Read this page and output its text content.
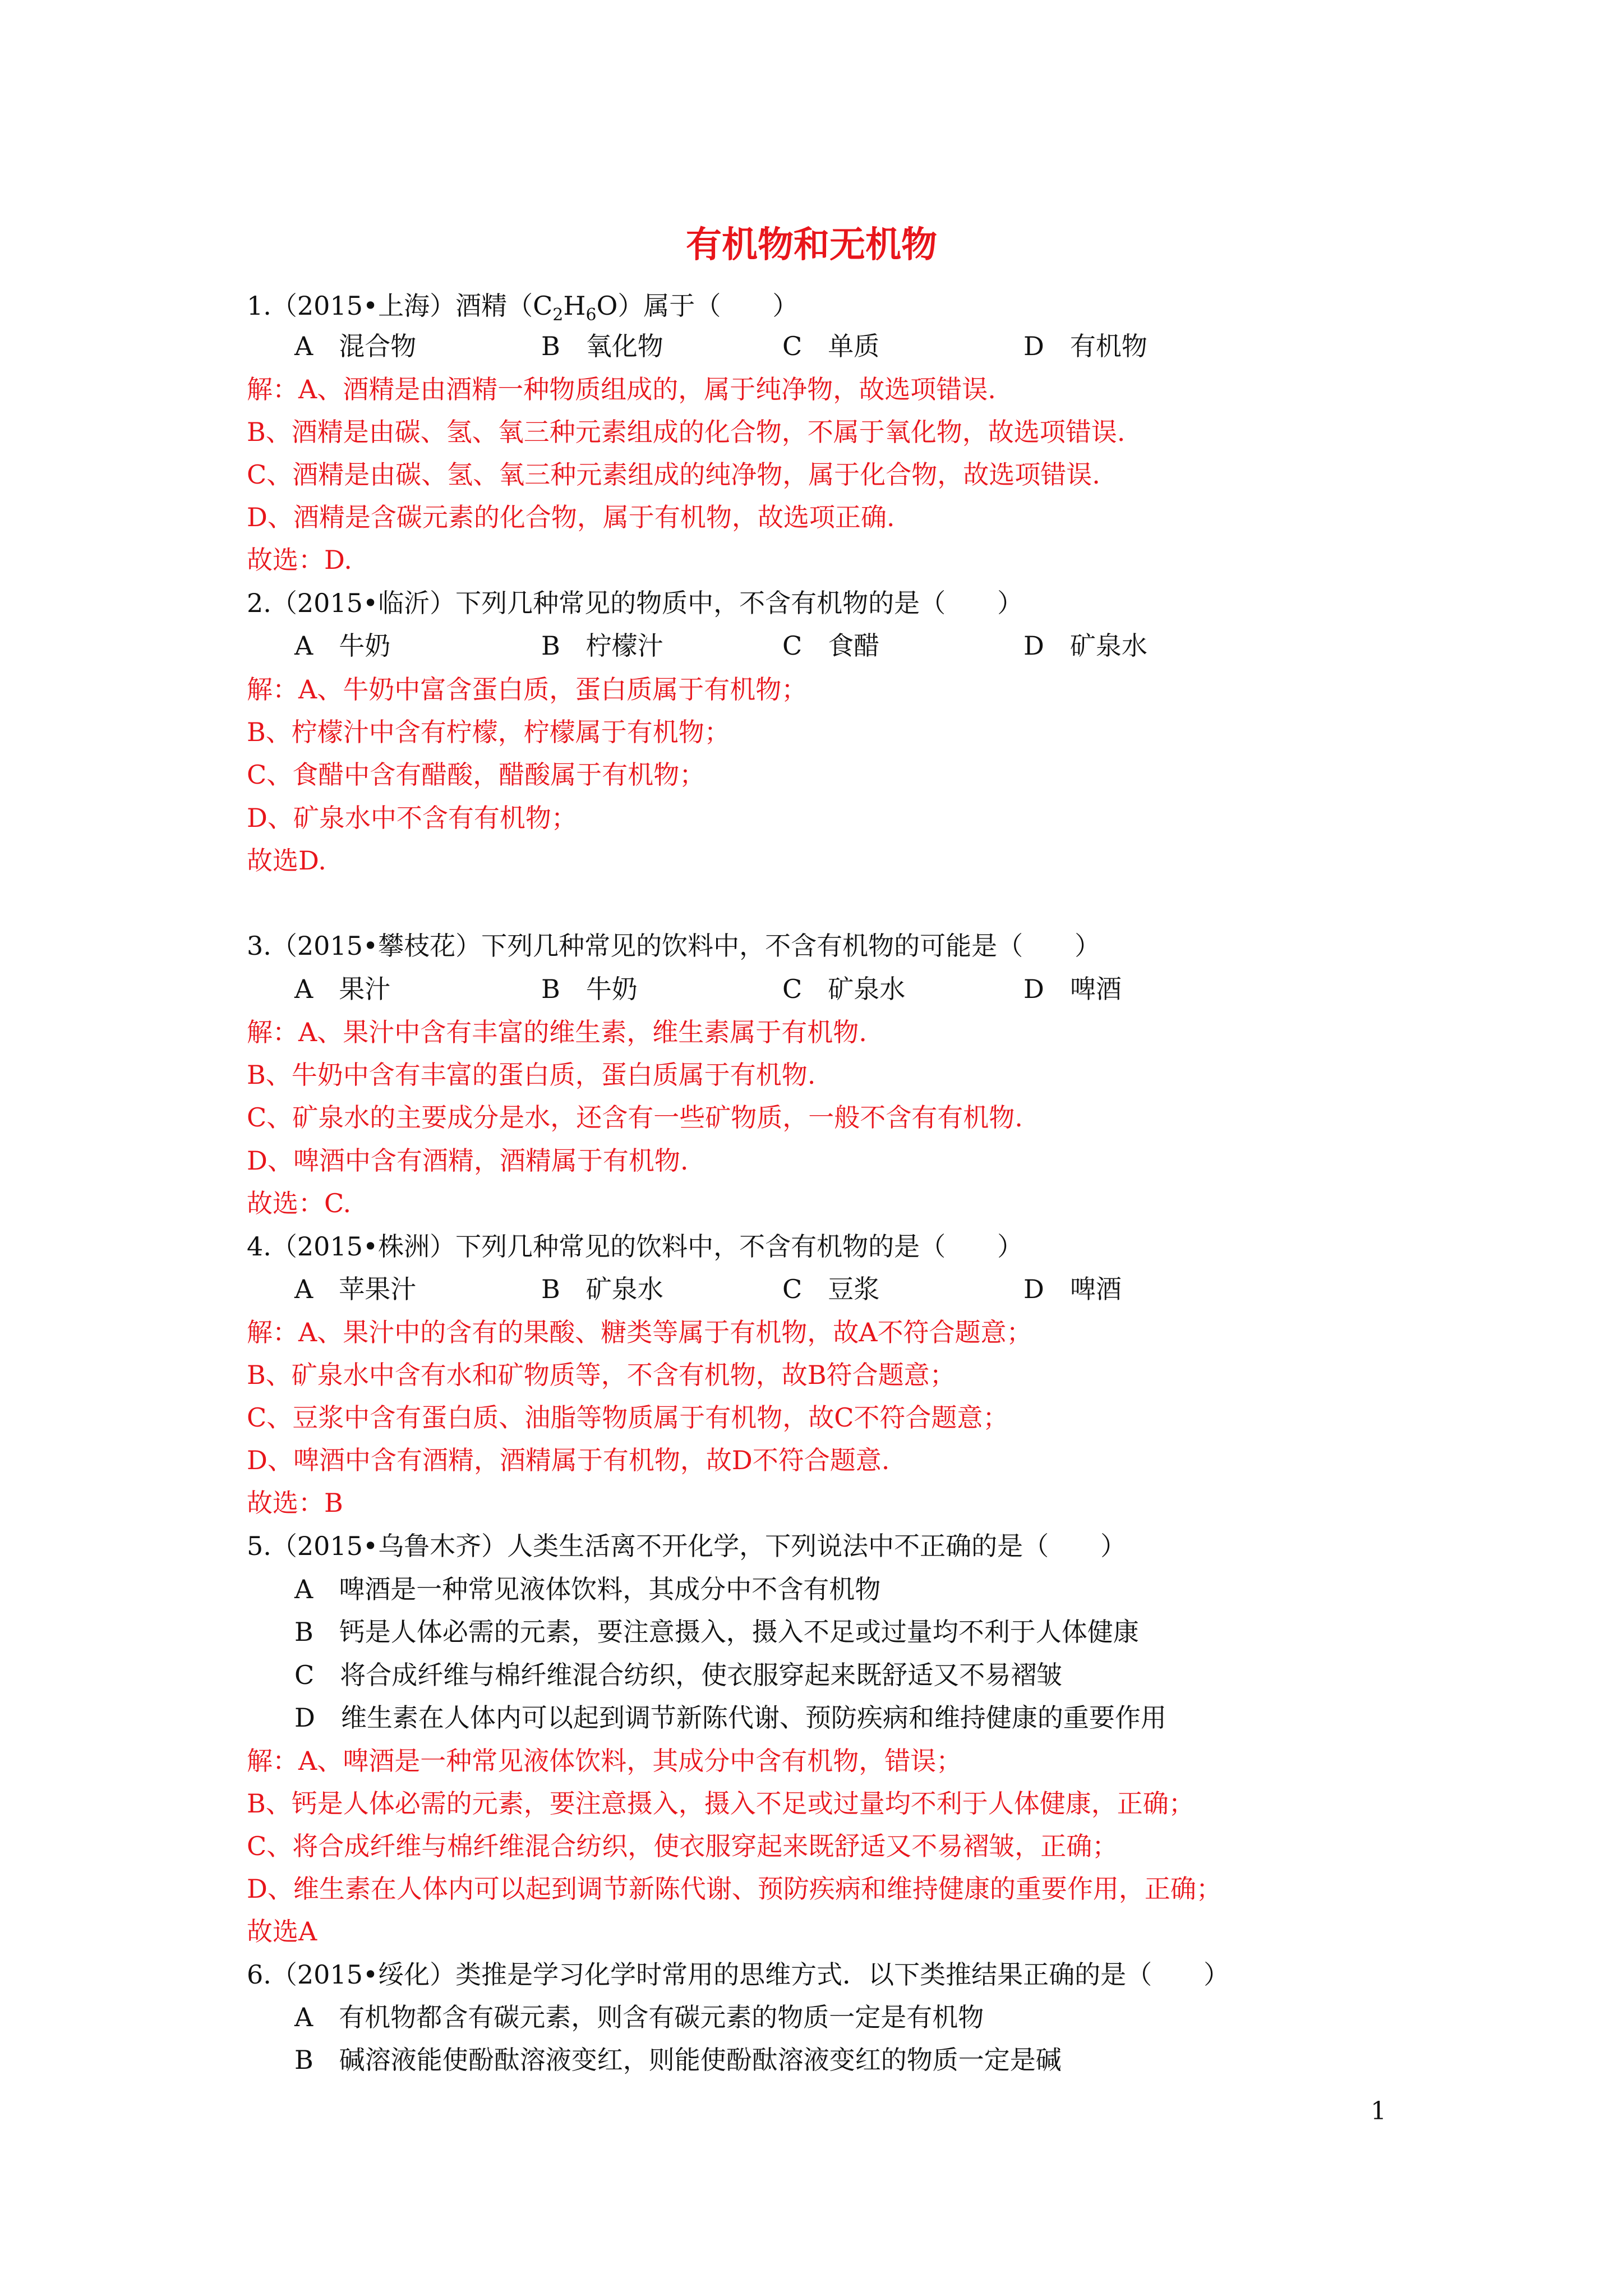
有机物和无机物
1.（2015•上海）酒精$(C_2H_6O)$属于（　　）
A　混合物	B　氧化物	C　单质	D　有机物
解：A、酒精是由酒精一种物质组成的，属于纯净物，故选项错误.
B、酒精是由碳、氢、氧三种元素组成的化合物，不属于氧化物，故选项错误.
C、酒精是由碳、氢、氧三种元素组成的纯净物，属于化合物，故选项错误.
D、酒精是含碳元素的化合物，属于有机物，故选项正确.
故选：D.
2.（2015•临沂）下列几种常见的物质中，不含有机物的是（　　）
A　牛奶	B　柠檬汁	C　食醋	D　矿泉水
解：A、牛奶中富含蛋白质，蛋白质属于有机物；
B、柠檬汁中含有柠檬，柠檬属于有机物；
C、食醋中含有醋酸，醋酸属于有机物；
D、矿泉水中不含有有机物；
故选D.
3.（2015•攀枝花）下列几种常见的饮料中，不含有机物的可能是（　　）
A　果汁	B　牛奶	C　矿泉水	D　啤酒
解：A、果汁中含有丰富的维生素，维生素属于有机物.
B、牛奶中含有丰富的蛋白质，蛋白质属于有机物.
C、矿泉水的主要成分是水，还含有一些矿物质，一般不含有有机物.
D、啤酒中含有酒精，酒精属于有机物.
故选：C.
4.（2015•株洲）下列几种常见的饮料中，不含有机物的是（　　）
A　苹果汁	B　矿泉水	C　豆浆	D　啤酒
解：A、果汁中的含有的果酸、糖类等属于有机物，故A不符合题意；
B、矿泉水中含有水和矿物质等，不含有机物，故B符合题意；
C、豆浆中含有蛋白质、油脂等物质属于有机物，故C不符合题意；
D、啤酒中含有酒精，酒精属于有机物，故D不符合题意.
故选：B
5.（2015•乌鲁木齐）人类生活离不开化学，下列说法中不正确的是（　　）
A　啤酒是一种常见液体饮料，其成分中不含有机物
B　钙是人体必需的元素，要注意摄入，摄入不足或过量均不利于人体健康
C　将合成纤维与棉纤维混合纺织，使衣服穿起来既舒适又不易褶皱
D　维生素在人体内可以起到调节新陈代谢、预防疾病和维持健康的重要作用
解：A、啤酒是一种常见液体饮料，其成分中含有机物，错误；
B、钙是人体必需的元素，要注意摄入，摄入不足或过量均不利于人体健康，正确；
C、将合成纤维与棉纤维混合纺织，使衣服穿起来既舒适又不易褶皱，正确；
D、维生素在人体内可以起到调节新陈代谢、预防疾病和维持健康的重要作用，正确；
故选A
6.（2015•绥化）类推是学习化学时常用的思维方式．以下类推结果正确的是（　　）
A　有机物都含有碳元素，则含有碳元素的物质一定是有机物
B　碱溶液能使酚酞溶液变红，则能使酚酞溶液变红的物质一定是碱
1
